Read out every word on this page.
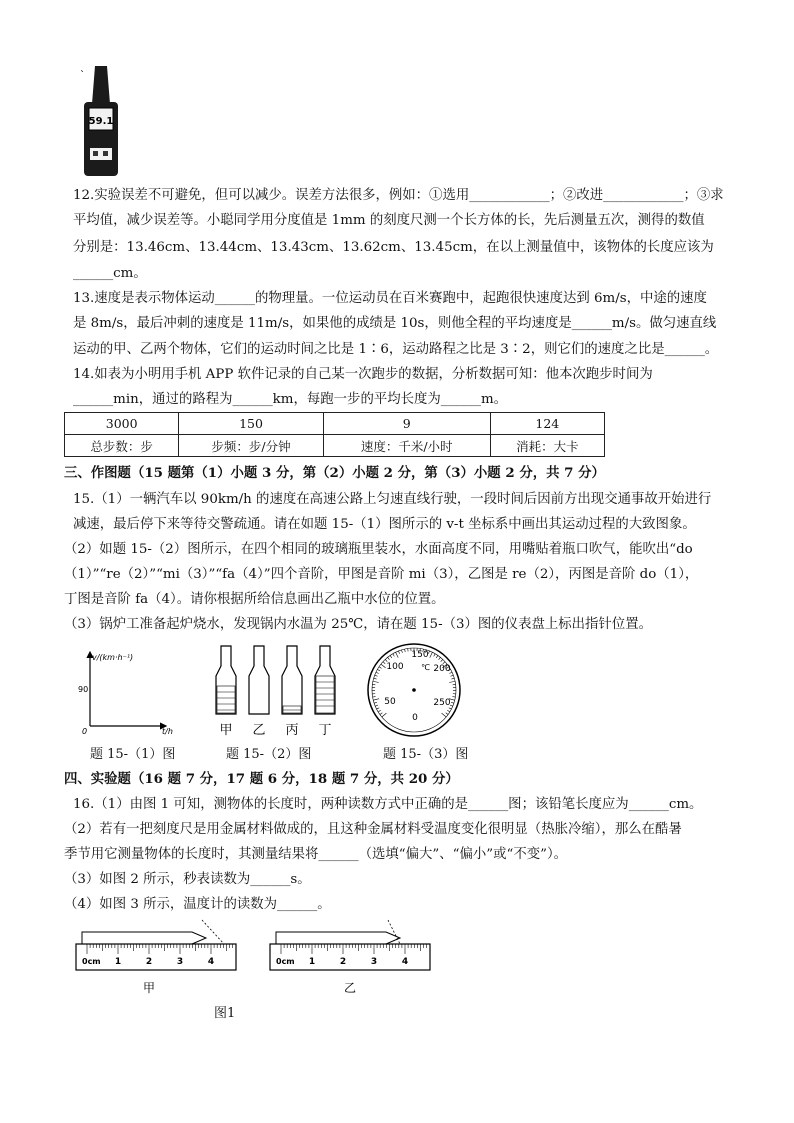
59.1
`
12.实验误差不可避免，但可以减少。误差方法很多，例如：①选用____________；②改进____________；③求
平均值，减少误差等。小聪同学用分度值是 1mm 的刻度尺测一个长方体的长，先后测量五次，测得的数值
分别是：13.46cm、13.44cm、13.43cm、13.62cm、13.45cm，在以上测量值中，该物体的长度应该为
______cm。
13.速度是表示物体运动______的物理量。一位运动员在百米赛跑中，起跑很快速度达到 6m/s，中途的速度
是 8m/s，最后冲刺的速度是 11m/s，如果他的成绩是 10s，则他全程的平均速度是______m/s。做匀速直线
运动的甲、乙两个物体，它们的运动时间之比是 1∶6，运动路程之比是 3∶2，则它们的速度之比是______。
14.如表为小明用手机 APP 软件记录的自己某一次跑步的数据，分析数据可知：他本次跑步时间为
______min，通过的路程为______km，每跑一步的平均长度为______m。
3000	150	9	124
总步数：步	步频：步/分钟	速度：千米/小时	消耗：大卡
三、作图题（15 题第（1）小题 3 分，第（2）小题 2 分，第（3）小题 2 分，共 7 分）
15.（1）一辆汽车以 90km/h 的速度在高速公路上匀速直线行驶，一段时间后因前方出现交通事故开始进行
减速，最后停下来等待交警疏通。请在如题 15-（1）图所示的 v-t 坐标系中画出其运动过程的大致图象。
（2）如题 15-（2）图所示，在四个相同的玻璃瓶里装水，水面高度不同，用嘴贴着瓶口吹气，能吹出“do
（1）”“re（2）”“mi（3）”“fa（4）”四个音阶，甲图是音阶 mi（3），乙图是 re（2），丙图是音阶 do（1），
丁图是音阶 fa（4）。请你根据所给信息画出乙瓶中水位的位置。
（3）锅炉工准备起炉烧水，发现锅内水温为 25℃，请在题 15-（3）图的仪表盘上标出指针位置。
v/(km·h⁻¹)
90
0	t/h
题 15-（1）图
甲 乙 丙 丁
题 15-（2）图
℃
0
50
100
150
200
250
题 15-（3）图
四、实验题（16 题 7 分，17 题 6 分，18 题 7 分，共 20 分）
16.（1）由图 1 可知，测物体的长度时，两种读数方式中正确的是______图；该铅笔长度应为______cm。
（2）若有一把刻度尺是用金属材料做成的，且这种金属材料受温度变化很明显（热胀冷缩），那么在酷暑
季节用它测量物体的长度时，其测量结果将______（选填“偏大”、“偏小”或“不变”）。
（3）如图 2 所示，秒表读数为______s。
（4）如图 3 所示，温度计的读数为______。
0cm 1	2	3	4
甲
0cm 1	2	3	4
乙
图1
